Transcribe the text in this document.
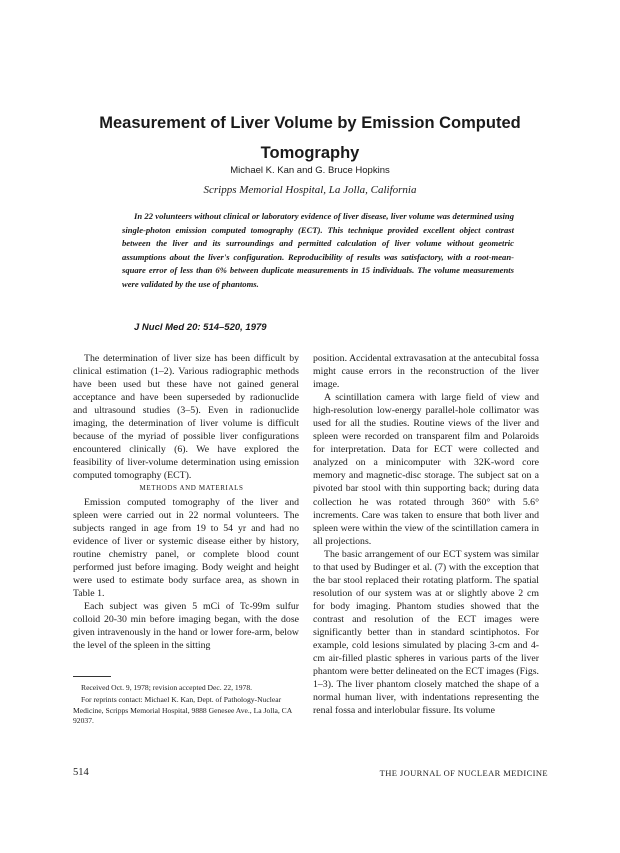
Measurement of Liver Volume by Emission Computed Tomography

Michael K. Kan and G. Bruce Hopkins

Scripps Memorial Hospital, La Jolla, California

In 22 volunteers without clinical or laboratory evidence of liver disease, liver volume was determined using single-photon emission computed tomography (ECT). This technique provided excellent object contrast between the liver and its surroundings and permitted calculation of liver volume without geometric assumptions about the liver's configuration. Reproducibility of results was satisfactory, with a root-mean-square error of less than 6% between duplicate measurements in 15 individuals. The volume measurements were validated by the use of phantoms.

J Nucl Med 20: 514–520, 1979

The determination of liver size has been difficult by clinical estimation (1–2). Various radiographic methods have been used but these have not gained general acceptance and have been superseded by radionuclide and ultrasound studies (3–5). Even in radionuclide imaging, the determination of liver volume is difficult because of the myriad of possible liver configurations encountered clinically (6). We have explored the feasibility of liver-volume determination using emission computed tomography (ECT).

METHODS AND MATERIALS

Emission computed tomography of the liver and spleen were carried out in 22 normal volunteers. The subjects ranged in age from 19 to 54 yr and had no evidence of liver or systemic disease either by history, routine chemistry panel, or complete blood count performed just before imaging. Body weight and height were used to estimate body surface area, as shown in Table 1.

Each subject was given 5 mCi of Tc-99m sulfur colloid 20-30 min before imaging began, with the dose given intravenously in the hand or lower fore-arm, below the level of the spleen in the sitting

position. Accidental extravasation at the antecubital fossa might cause errors in the reconstruction of the liver image.

A scintillation camera with large field of view and high-resolution low-energy parallel-hole collimator was used for all the studies. Routine views of the liver and spleen were recorded on transparent film and Polaroids for interpretation. Data for ECT were collected and analyzed on a minicomputer with 32K-word core memory and magnetic-disc storage. The subject sat on a pivoted bar stool with thin supporting back; during data collection he was rotated through 360° with 5.6° increments. Care was taken to ensure that both liver and spleen were within the view of the scintillation camera in all projections.

The basic arrangement of our ECT system was similar to that used by Budinger et al. (7) with the exception that the bar stool replaced their rotating platform. The spatial resolution of our system was at or slightly above 2 cm for body imaging. Phantom studies showed that the contrast and resolution of the ECT images were significantly better than in standard scintiphotos. For example, cold lesions simulated by placing 3-cm and 4-cm air-filled plastic spheres in various parts of the liver phantom were better delineated on the ECT images (Figs. 1–3). The liver phantom closely matched the shape of a normal human liver, with indentations representing the renal fossa and interlobular fissure. Its volume

Received Oct. 9, 1978; revision accepted Dec. 22, 1978.

For reprints contact: Michael K. Kan, Dept. of Pathology-Nuclear Medicine, Scripps Memorial Hospital, 9888 Genesee Ave., La Jolla, CA 92037.

514	THE JOURNAL OF NUCLEAR MEDICINE
